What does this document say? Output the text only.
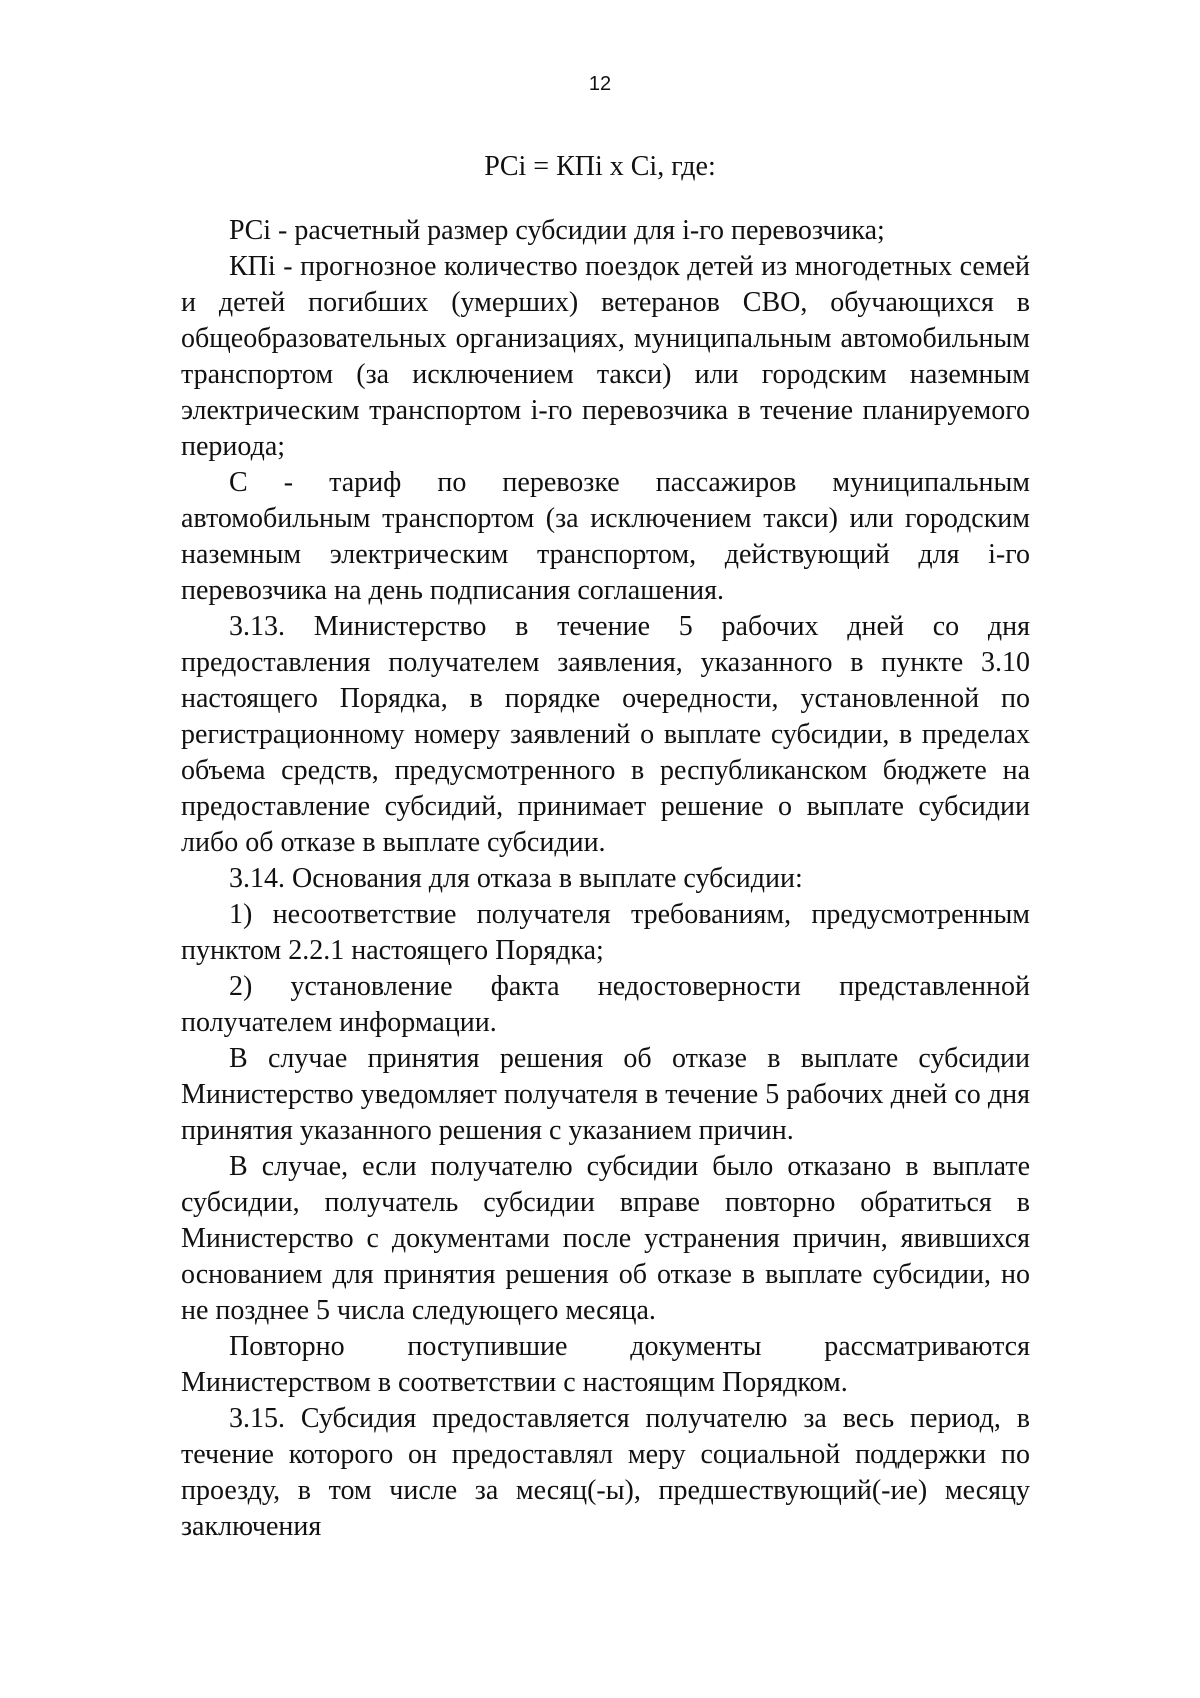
12
РCi = КПi х Ci, где:

РCi - расчетный размер субсидии для i-го перевозчика;

КПi - прогнозное количество поездок детей из многодетных семей и детей погибших (умерших) ветеранов СВО, обучающихся в общеобразовательных организациях, муниципальным автомобильным транспортом (за исключением такси) или городским наземным электрическим транспортом i-го перевозчика в течение планируемого периода;

С - тариф по перевозке пассажиров муниципальным автомобильным транспортом (за исключением такси) или городским наземным электрическим транспортом, действующий для i-го перевозчика на день подписания соглашения.

3.13. Министерство в течение 5 рабочих дней со дня предоставления получателем заявления, указанного в пункте 3.10 настоящего Порядка, в порядке очередности, установленной по регистрационному номеру заявлений о выплате субсидии, в пределах объема средств, предусмотренного в республиканском бюджете на предоставление субсидий, принимает решение о выплате субсидии либо об отказе в выплате субсидии.

3.14. Основания для отказа в выплате субсидии:

1) несоответствие получателя требованиям, предусмотренным пунктом 2.2.1 настоящего Порядка;

2) установление факта недостоверности представленной получателем информации.

В случае принятия решения об отказе в выплате субсидии Министерство уведомляет получателя в течение 5 рабочих дней со дня принятия указанного решения с указанием причин.

В случае, если получателю субсидии было отказано в выплате субсидии, получатель субсидии вправе повторно обратиться в Министерство с документами после устранения причин, явившихся основанием для принятия решения об отказе в выплате субсидии, но не позднее 5 числа следующего месяца.

Повторно поступившие документы рассматриваются Министерством в соответствии с настоящим Порядком.

3.15. Субсидия предоставляется получателю за весь период, в течение которого он предоставлял меру социальной поддержки по проезду, в том числе за месяц(-ы), предшествующий(-ие) месяцу заключения
